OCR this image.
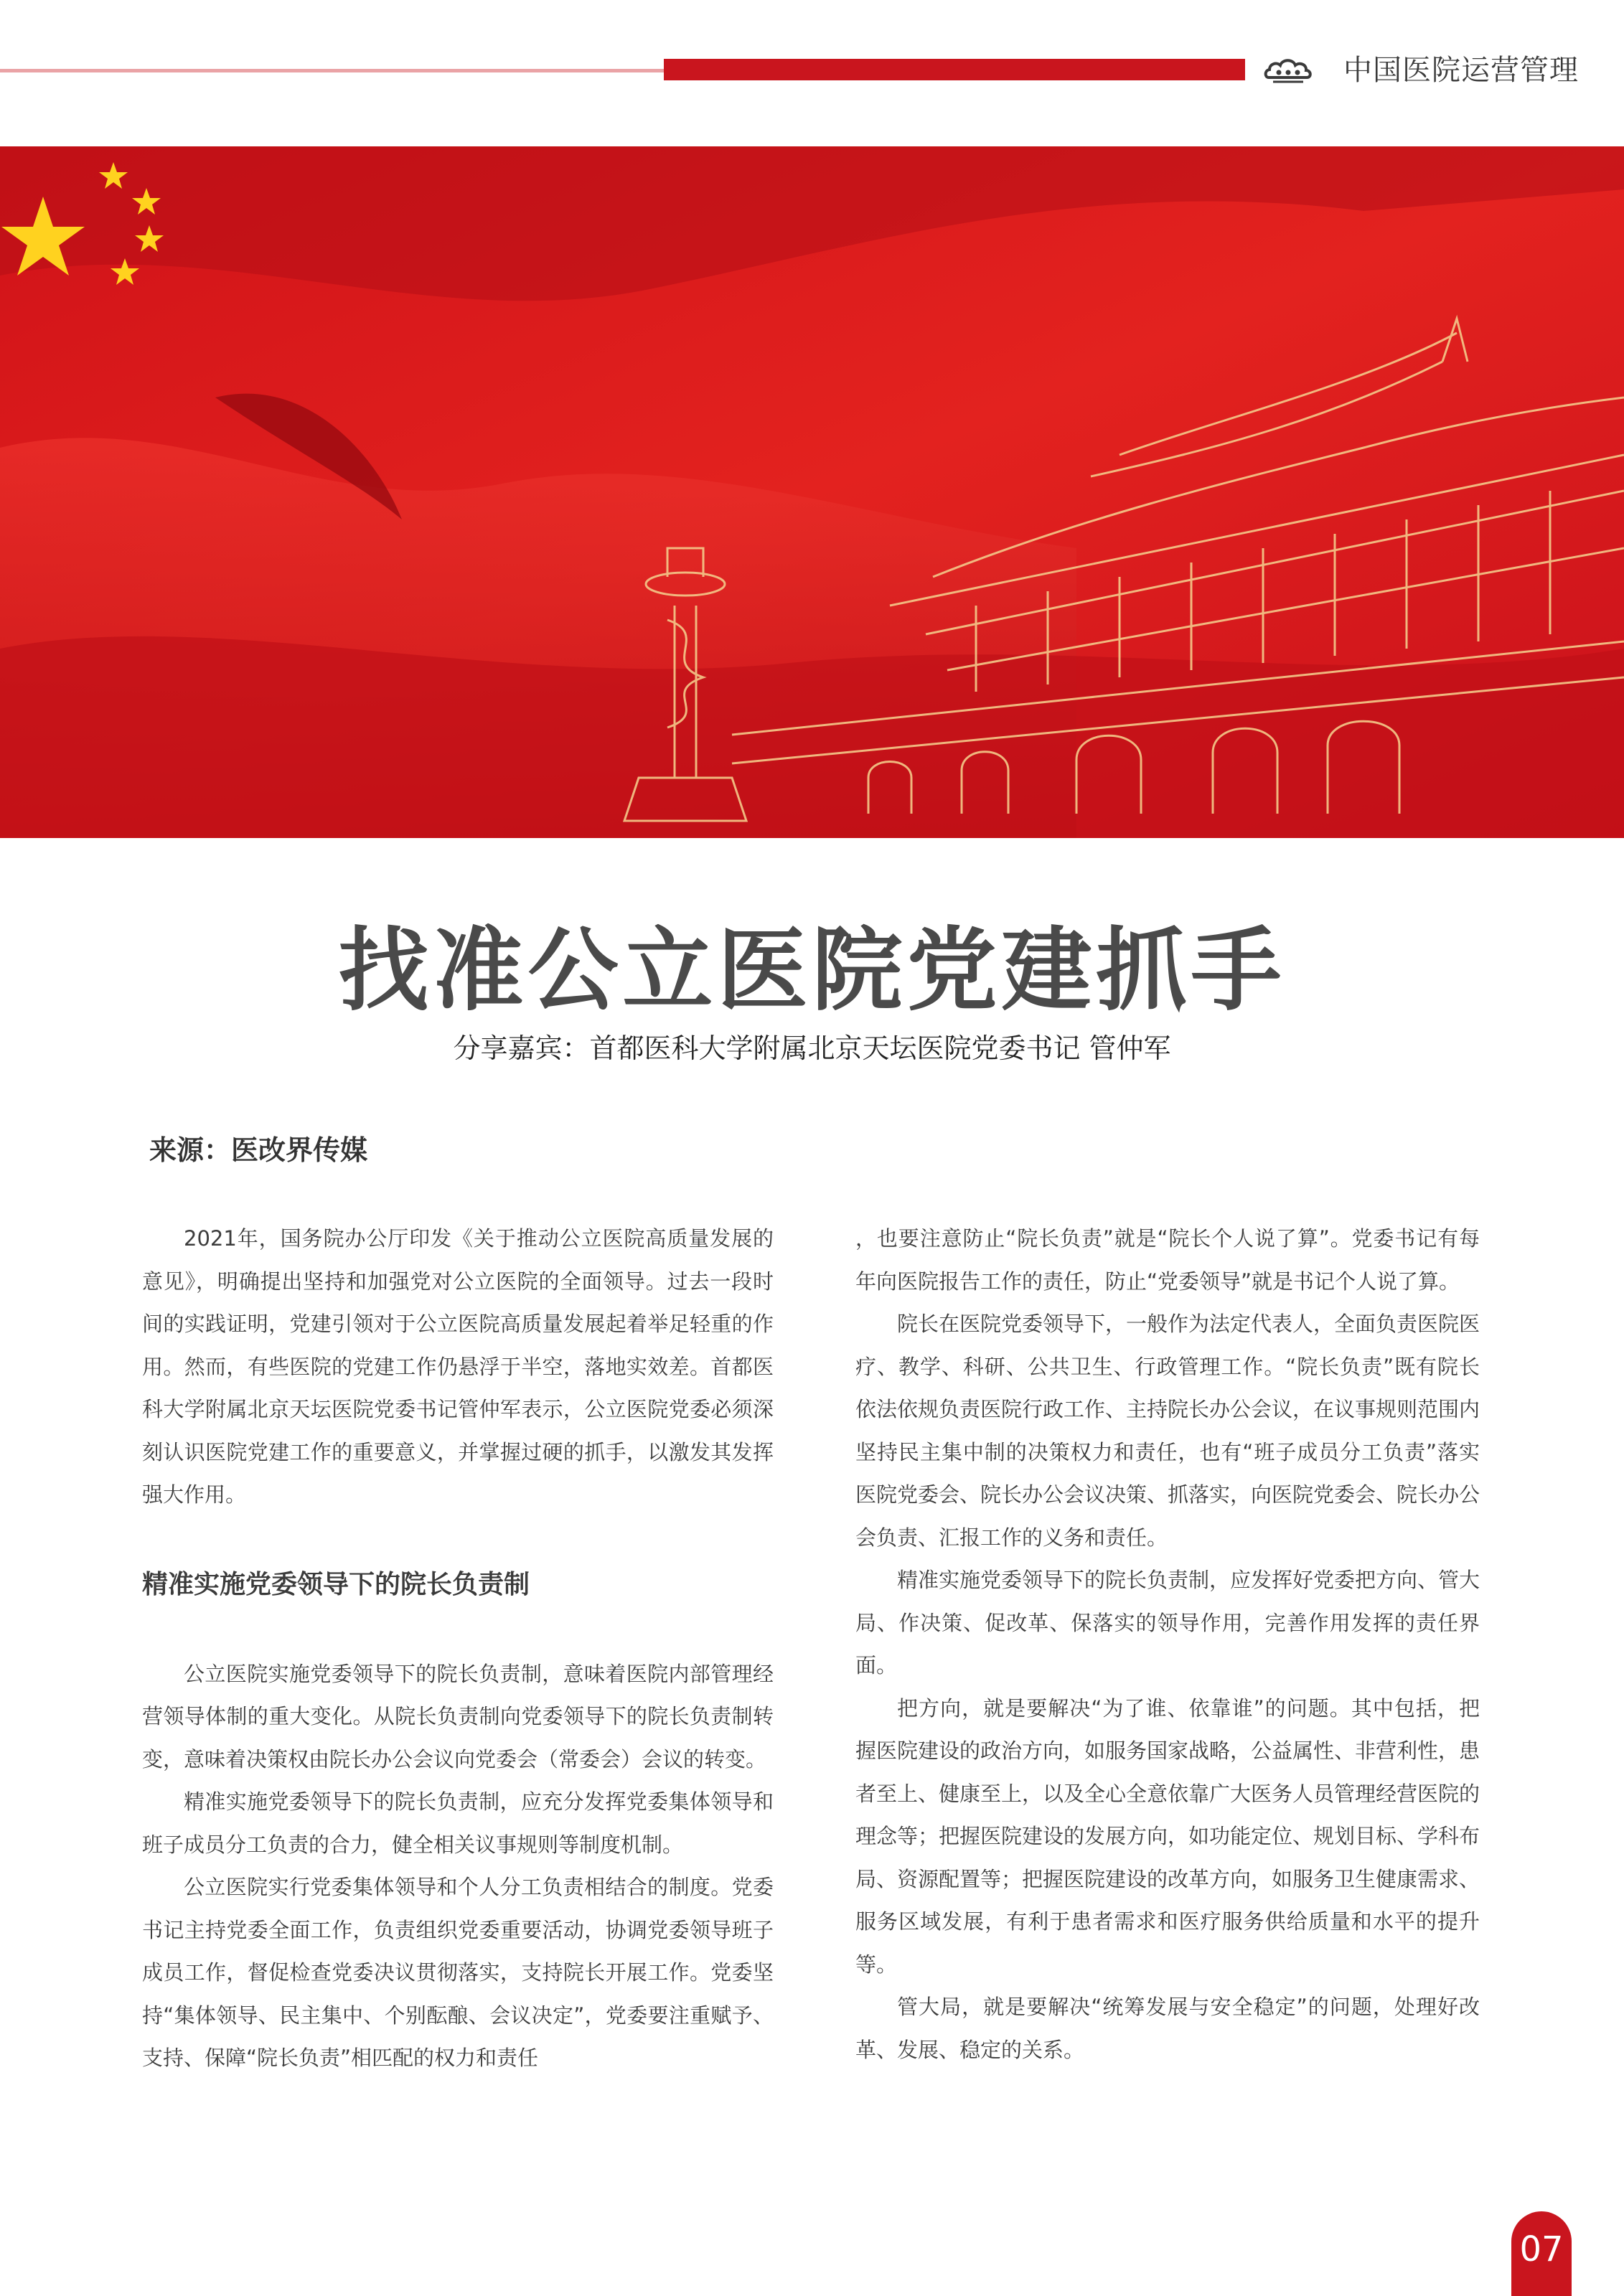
中国医院运营管理
找准公立医院党建抓手
分享嘉宾：首都医科大学附属北京天坛医院党委书记 管仲军
来源：医改界传媒

2021年，国务院办公厅印发《关于推动公立医院高质量发展的意见》，明确提出坚持和加强党对公立医院的全面领导。过去一段时间的实践证明，党建引领对于公立医院高质量发展起着举足轻重的作用。然而，有些医院的党建工作仍悬浮于半空，落地实效差。首都医科大学附属北京天坛医院党委书记管仲军表示，公立医院党委必须深刻认识医院党建工作的重要意义，并掌握过硬的抓手，以激发其发挥强大作用。

精准实施党委领导下的院长负责制

公立医院实施党委领导下的院长负责制，意味着医院内部管理经营领导体制的重大变化。从院长负责制向党委领导下的院长负责制转变，意味着决策权由院长办公会议向党委会（常委会）会议的转变。

精准实施党委领导下的院长负责制，应充分发挥党委集体领导和班子成员分工负责的合力，健全相关议事规则等制度机制。

公立医院实行党委集体领导和个人分工负责相结合的制度。党委书记主持党委全面工作，负责组织党委重要活动，协调党委领导班子成员工作，督促检查党委决议贯彻落实，支持院长开展工作。党委坚持“集体领导、民主集中、个别酝酿、会议决定”，党委要注重赋予、支持、保障“院长负责”相匹配的权力和责任

，也要注意防止“院长负责”就是“院长个人说了算”。党委书记有每年向医院报告工作的责任，防止“党委领导”就是书记个人说了算。

院长在医院党委领导下，一般作为法定代表人，全面负责医院医疗、教学、科研、公共卫生、行政管理工作。“院长负责”既有院长依法依规负责医院行政工作、主持院长办公会议，在议事规则范围内坚持民主集中制的决策权力和责任，也有“班子成员分工负责”落实医院党委会、院长办公会议决策、抓落实，向医院党委会、院长办公会负责、汇报工作的义务和责任。

精准实施党委领导下的院长负责制，应发挥好党委把方向、管大局、作决策、促改革、保落实的领导作用，完善作用发挥的责任界面。

把方向，就是要解决“为了谁、依靠谁”的问题。其中包括，把握医院建设的政治方向，如服务国家战略，公益属性、非营利性，患者至上、健康至上，以及全心全意依靠广大医务人员管理经营医院的理念等；把握医院建设的发展方向，如功能定位、规划目标、学科布局、资源配置等；把握医院建设的改革方向，如服务卫生健康需求、服务区域发展，有利于患者需求和医疗服务供给质量和水平的提升等。

管大局，就是要解决“统筹发展与安全稳定”的问题，处理好改革、发展、稳定的关系。

07
